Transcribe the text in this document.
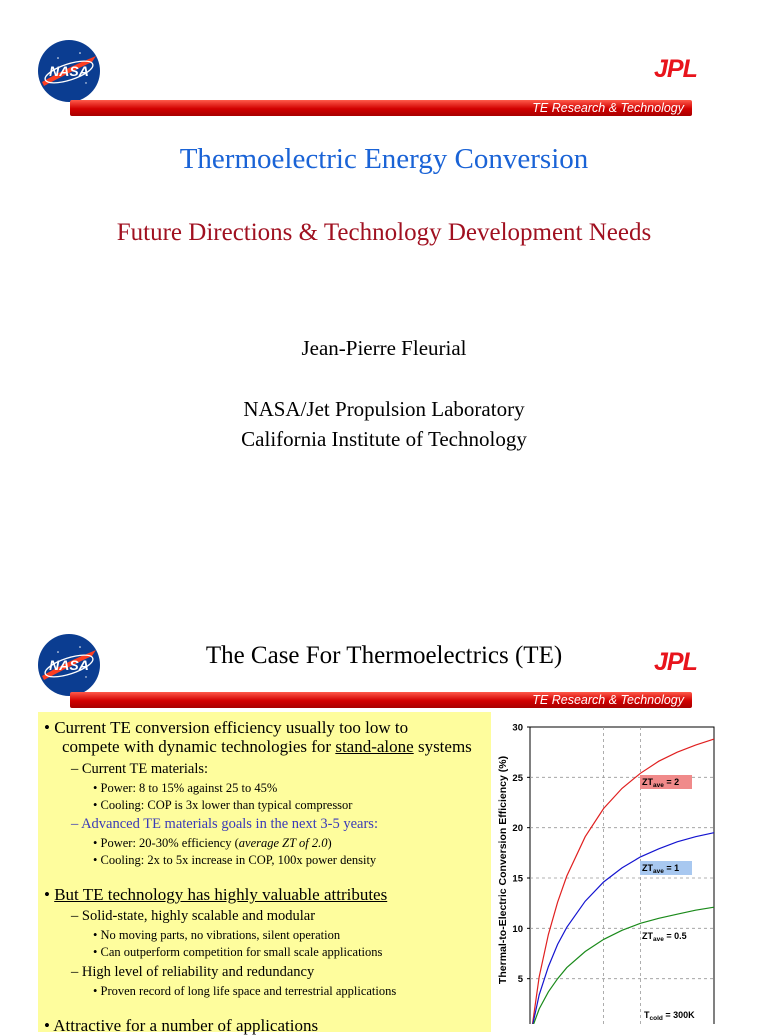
NASA	JPL
TE Research & Technology
Thermoelectric Energy Conversion
Future Directions & Technology Development Needs
Jean-Pierre Fleurial
NASA/Jet Propulsion Laboratory
California Institute of Technology
NASA	JPL
TE Research & Technology
The Case For Thermoelectrics (TE)
• Current TE conversion efficiency usually too low to
compete with dynamic technologies for stand-alone systems
– Current TE materials:
• Power: 8 to 15% against 25 to 45%
• Cooling: COP is 3x lower than typical compressor
– Advanced TE materials goals in the next 3-5 years:
• Power: 20-30% efficiency (average ZT of 2.0)
• Cooling: 2x to 5x increase in COP, 100x power density
• But TE technology has highly valuable attributes
– Solid-state, highly scalable and modular
• No moving parts, no vibrations, silent operation
• Can outperform competition for small scale applications
– High level of reliability and redundancy
• Proven record of long life space and terrestrial applications
• Attractive for a number of applications
Thermal-to-Electric Conversion Efficiency (%) 5
10
15
20
25
30
$ZT_{ave} = 2$
$ZT_{ave} = 1$
$ZT_{ave} = 0.5$
$T_{cold} = 300K$
